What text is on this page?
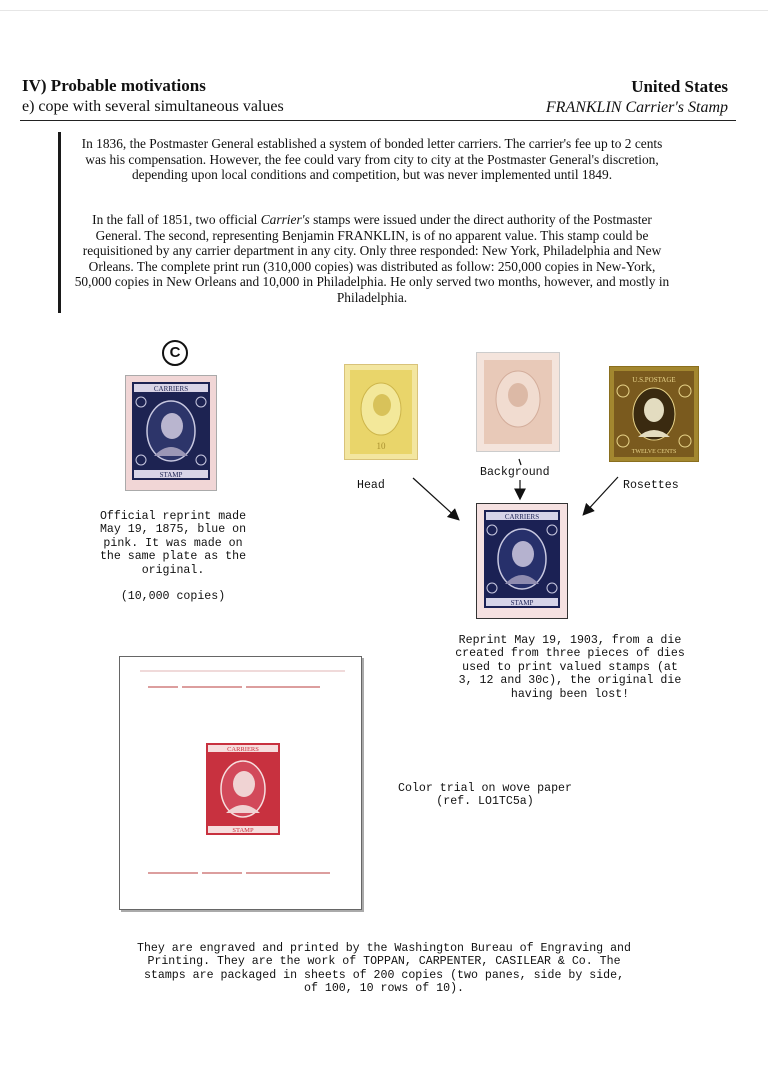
IV) Probable motivations
e) cope with several simultaneous values
United States
FRANKLIN Carrier's Stamp
In 1836, the Postmaster General established a system of bonded letter carriers. The carrier's fee up to 2 cents was his compensation. However, the fee could vary from city to city at the Postmaster General's discretion, depending upon local conditions and competition, but was never implemented until 1849.
In the fall of 1851, two official Carrier's stamps were issued under the direct authority of the Postmaster General. The second, representing Benjamin FRANKLIN, is of no apparent value. This stamp could be requisitioned by any carrier department in any city. Only three responded: New York, Philadelphia and New Orleans. The complete print run (310,000 copies) was distributed as follow: 250,000 copies in New-York, 50,000 copies in New Orleans and 10,000 in Philadelphia. He only served two months, however, and mostly in Philadelphia.
C
CARRIERS
STAMP
Official reprint made
May 19, 1875, blue on
pink. It was made on
the same plate as the
original.
(10,000 copies)
10
U.S.POSTAGE
TWELVE CENTS
Head
Background
Rosettes
CARRIERS
STAMP
Reprint May 19, 1903, from a die
created from three pieces of dies
used to print valued stamps (at
3, 12 and 30c), the original die
having been lost!
CARRIERS
STAMP
Color trial on wove paper
(ref. LO1TC5a)
They are engraved and printed by the Washington Bureau of Engraving and
Printing. They are the work of TOPPAN, CARPENTER, CASILEAR & Co. The
stamps are packaged in sheets of 200 copies (two panes, side by side,
of 100, 10 rows of 10).
